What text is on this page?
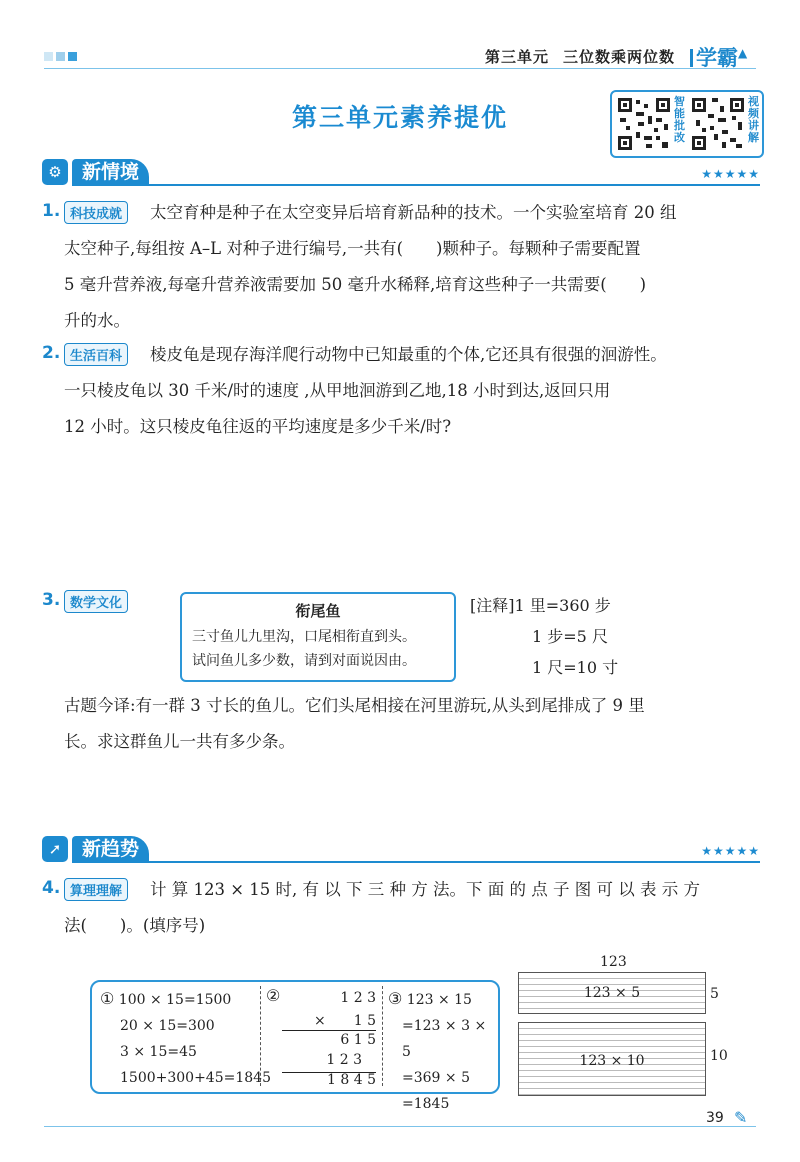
第三单元 三位数乘两位数 学霸▲
第三单元素养提优
智能批改
视频讲解
⚙	新情境	★★★★★
1. 科技成就	太空育种是种子在太空变异后培育新品种的技术。一个实验室培育 20 组
太空种子,每组按 A–L 对种子进行编号,一共有(　　)颗种子。每颗种子需要配置
5 毫升营养液,每毫升营养液需要加 50 毫升水稀释,培育这些种子一共需要(　　)
升的水。
2. 生活百科	棱皮龟是现存海洋爬行动物中已知最重的个体,它还具有很强的洄游性。
一只棱皮龟以 30 千米/时的速度 ,从甲地洄游到乙地,18 小时到达,返回只用
12 小时。这只棱皮龟往返的平均速度是多少千米/时?
3. 数学文化	衔尾鱼
三寸鱼儿九里沟，口尾相衔直到头。
试问鱼儿多少数，请到对面说因由。
[注释]1 里=360 步
1 步=5 尺
1 尺=10 寸
古题今译:有一群 3 寸长的鱼儿。它们头尾相接在河里游玩,从头到尾排成了 9 里
长。求这群鱼儿一共有多少条。
➚	新趋势	★★★★★
4. 算理理解	计 算 123 × 15 时, 有 以 下 三 种 方 法。下 面 的 点 子 图 可 以 表 示 方
法(　　)。(填序号)
① 100 × 15=1500
20 × 15=300
3 × 15=45
1500+300+45=1845
②	1 2 3
×　　1 5
6 1 5
1 2 3
1 8 4 5
③ 123 × 15
=123 × 3 × 5
=369 × 5
=1845
123
123 × 5	5
123 × 10	10
39 ✎
